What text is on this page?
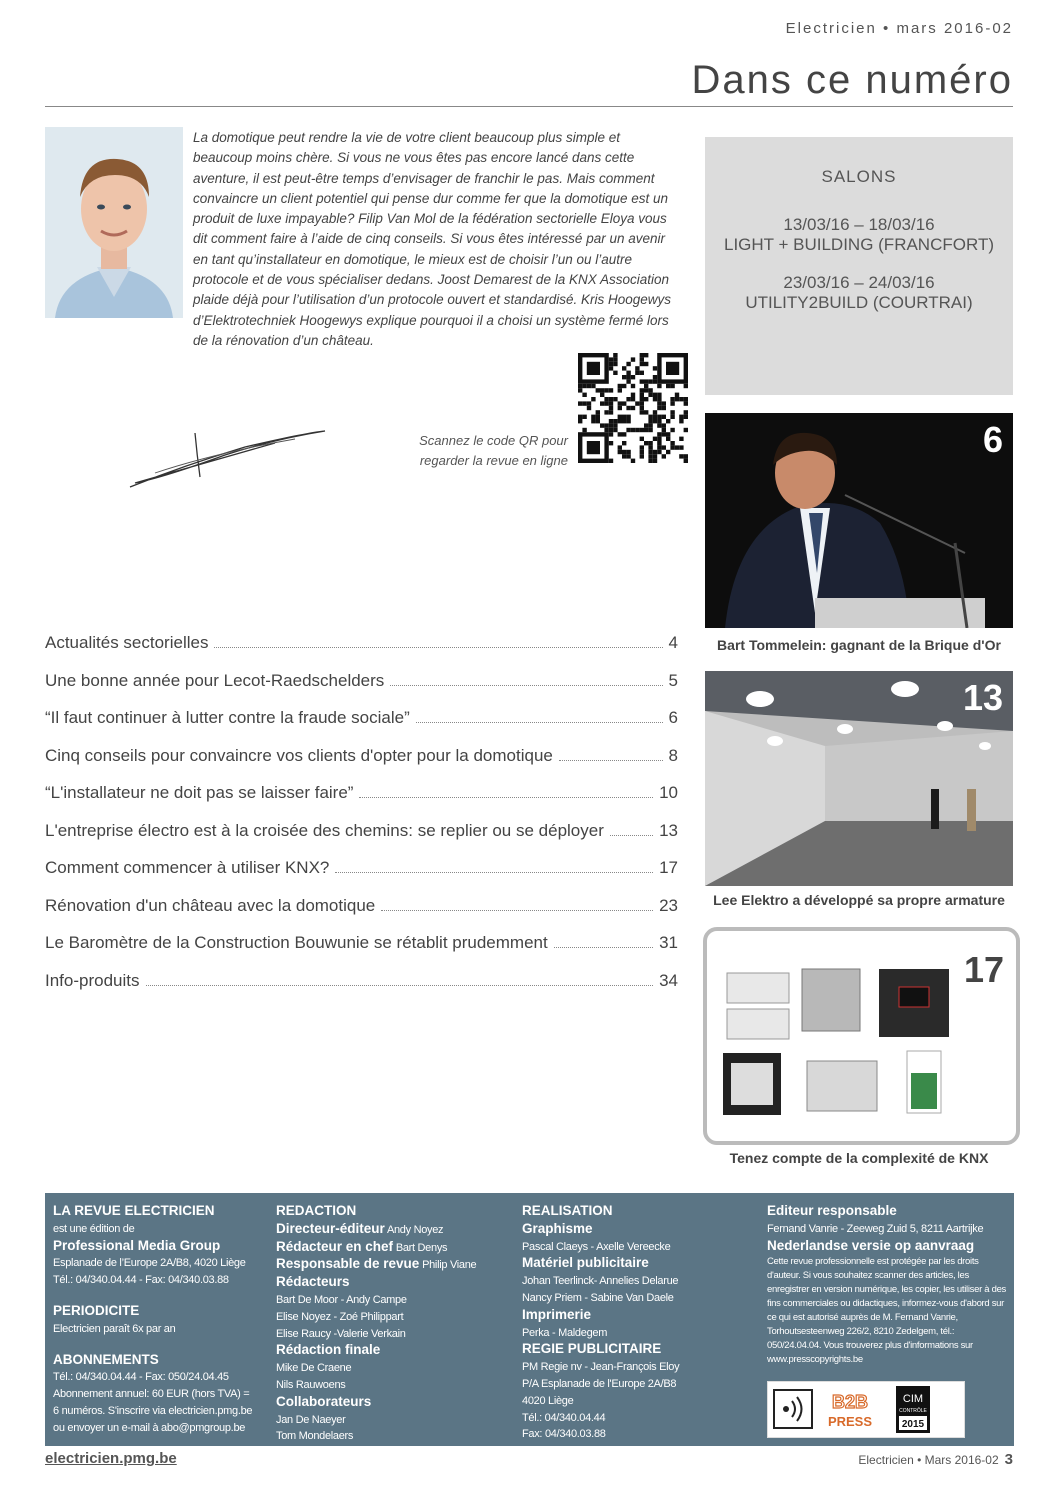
Electricien • mars 2016-02
Dans ce numéro
La domotique peut rendre la vie de votre client beaucoup plus simple et beaucoup moins chère. Si vous ne vous êtes pas encore lancé dans cette aventure, il est peut-être temps d’envisager de franchir le pas. Mais comment convaincre un client potentiel qui pense dur comme fer que la domotique est un produit de luxe impayable? Filip Van Mol de la fédération sectorielle Eloya vous dit comment faire à l’aide de cinq conseils. Si vous êtes intéressé par un avenir en tant qu’installateur en domotique, le mieux est de choisir l’un ou l’autre protocole et de vous spécialiser dedans. Joost Demarest de la KNX Association plaide déjà pour l’utilisation d’un protocole ouvert et standardisé. Kris Hoogewys d’Elektrotechniek Hoogewys explique pourquoi il a choisi un système fermé lors de la rénovation d’un château.
Scannez le code QR pour
regarder la revue en ligne
SALONS
13/03/16 – 18/03/16
LIGHT + BUILDING (FRANCFORT)
23/03/16 – 24/03/16
UTILITY2BUILD (COURTRAI)
6
Bart Tommelein: gagnant de la Brique d'Or
13
Lee Elektro a développé sa propre armature
17
Tenez compte de la complexité de KNX
Actualités sectorielles	4
Une bonne année pour Lecot-Raedschelders	5
“Il faut continuer à lutter contre la fraude sociale”	6
Cinq conseils pour convaincre vos clients d'opter pour la domotique	8
“L'installateur ne doit pas se laisser faire”	10
L'entreprise électro est à la croisée des chemins: se replier ou se déployer	13
Comment commencer à utiliser KNX?	17
Rénovation d'un château avec la domotique	23
Le Baromètre de la Construction Bouwunie se rétablit prudemment	31
Info-produits	34
LA REVUE ELECTRICIEN
est une édition de
Professional Media Group
Esplanade de l’Europe 2A/B8, 4020 Liège
Tél.: 04/340.04.44 - Fax: 04/340.03.88
PERIODICITE
Electricien paraît 6x par an
ABONNEMENTS
Tél.: 04/340.04.44 - Fax: 050/24.04.45
Abonnement annuel: 60 EUR (hors TVA) =
6 numéros. S'inscrire via electricien.pmg.be
ou envoyer un e-mail à abo@pmgroup.be
REDACTION
Directeur-éditeur Andy Noyez
Rédacteur en chef Bart Denys
Responsable de revue Philip Viane
Rédacteurs
Bart De Moor - Andy Campe
Elise Noyez - Zoé Philippart
Elise Raucy -Valerie Verkain
Rédaction finale
Mike De Craene
Nils Rauwoens
Collaborateurs
Jan De Naeyer
Tom Mondelaers
REALISATION
Graphisme
Pascal Claeys - Axelle Vereecke
Matériel publicitaire
Johan Teerlinck- Annelies Delarue
Nancy Priem - Sabine Van Daele
Imprimerie
Perka - Maldegem
REGIE PUBLICITAIRE
PM Regie nv - Jean-François Eloy
P/A Esplanade de l'Europe 2A/B8
4020 Liège
Tél.: 04/340.04.44
Fax: 04/340.03.88
Editeur responsable
Fernand Vanrie - Zeeweg Zuid 5, 8211 Aartrijke
Nederlandse versie op aanvraag
Cette revue professionnelle est protégée par les droits d'auteur. Si vous souhaitez scanner des articles, les enregistrer en version numérique, les copier, les utiliser à des fins commerciales ou didactiques, informez-vous d'abord sur ce qui est autorisé auprès de M. Fernand Vanrie, Torhoutsesteenweg 226/2, 8210 Zedelgem, tél.: 050/24.04.04. Vous trouverez plus d'informations sur www.presscopyrights.be
B2B
PRESS
CIM
CONTRÔLE
2015
electricien.pmg.be	Electricien • Mars 2016-02 3
